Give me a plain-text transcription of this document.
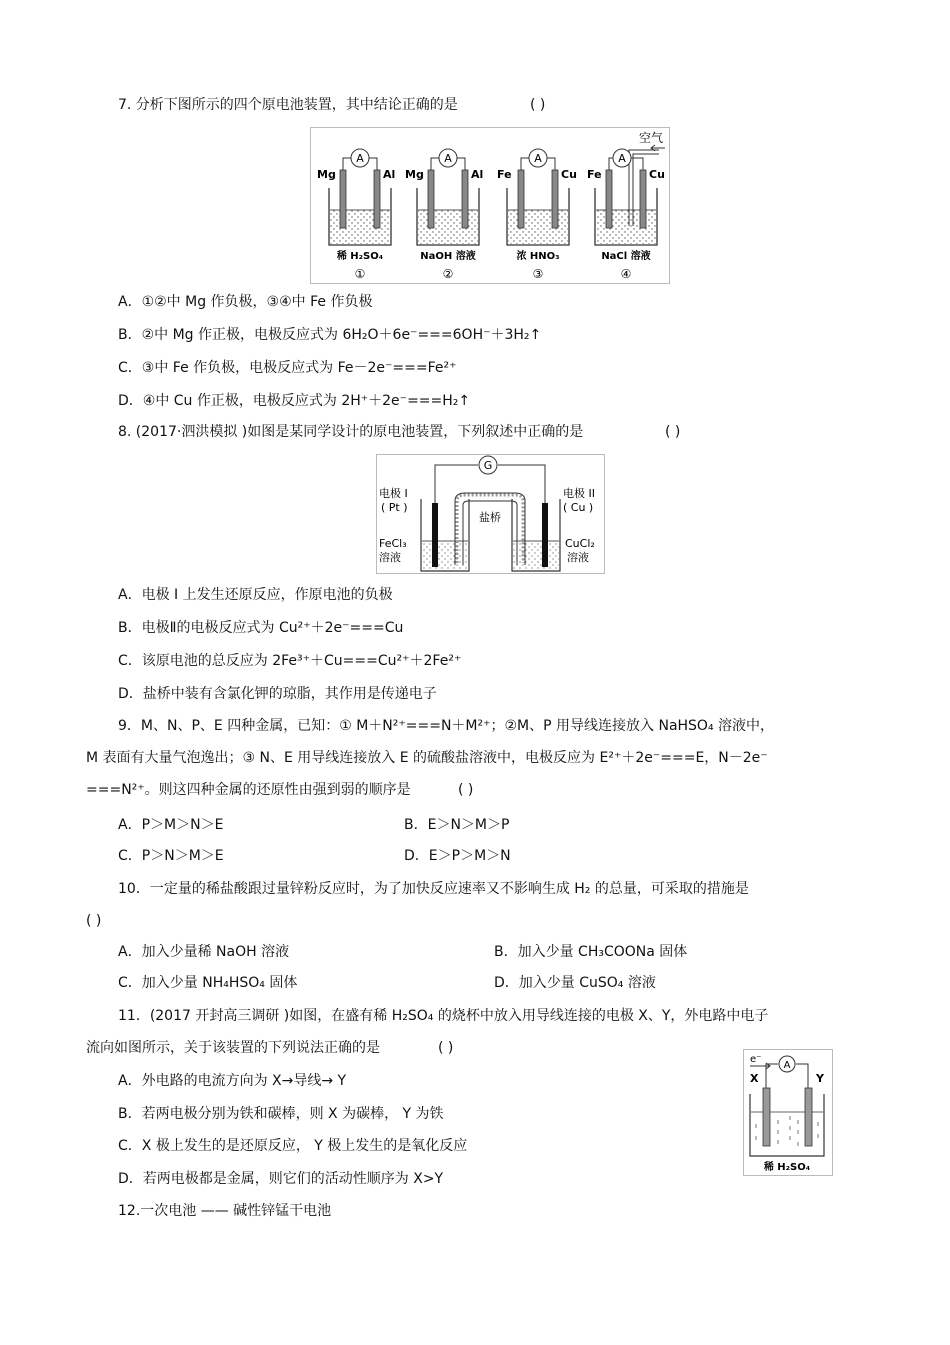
7. 分析下图所示的四个原电池装置，其中结论正确的是	( )
A
Mg	Al
稀 H₂SO₄
①
A
Mg	Al
NaOH 溶液
②
A
Fe	Cu
浓 HNO₃
③
A
Fe	Cu
NaCl 溶液
④
空气
A．①②中 Mg 作负极，③④中 Fe 作负极
B．②中 Mg 作正极，电极反应式为 6H₂O＋6e⁻===6OH⁻＋3H₂↑
C．③中 Fe 作负极，电极反应式为 Fe－2e⁻===Fe²⁺
D．④中 Cu 作正极，电极反应式为 2H⁺＋2e⁻===H₂↑
8. (2017·泗洪模拟 )如图是某同学设计的原电池装置，下列叙述中正确的是	( )
G
盐桥
电极 I
( Pt )
FeCl₃
溶液
电极 II
( Cu )
CuCl₂
溶液
A．电极 I 上发生还原反应，作原电池的负极
B．电极Ⅱ的电极反应式为 Cu²⁺＋2e⁻===Cu
C．该原电池的总反应为 2Fe³⁺＋Cu===Cu²⁺＋2Fe²⁺
D．盐桥中装有含氯化钾的琼脂，其作用是传递电子
9．M、N、P、E 四种金属，已知：① M＋N²⁺===N＋M²⁺；②M、P 用导线连接放入 NaHSO₄ 溶液中，
M 表面有大量气泡逸出；③ N、E 用导线连接放入 E 的硫酸盐溶液中，电极反应为 E²⁺＋2e⁻===E，N－2e⁻
===N²⁺。则这四种金属的还原性由强到弱的顺序是	( )
A．P＞M＞N＞E	B．E＞N＞M＞P
C．P＞N＞M＞E	D．E＞P＞M＞N
10．一定量的稀盐酸跟过量锌粉反应时，为了加快反应速率又不影响生成 H₂ 的总量，可采取的措施是
( )
A．加入少量稀 NaOH 溶液	B．加入少量 CH₃COONa 固体
C．加入少量 NH₄HSO₄ 固体	D．加入少量 CuSO₄ 溶液
11．(2017 开封高三调研 )如图，在盛有稀 H₂SO₄ 的烧杯中放入用导线连接的电极 X、Y，外电路中电子
流向如图所示，关于该装置的下列说法正确的是	( )
e⁻
A
X	Y
稀 H₂SO₄
A．外电路的电流方向为 X→导线→ Y
B．若两电极分别为铁和碳棒，则 X 为碳棒， Y 为铁
C．X 极上发生的是还原反应， Y 极上发生的是氧化反应
D．若两电极都是金属，则它们的活动性顺序为 X>Y
12.一次电池 —— 碱性锌锰干电池
